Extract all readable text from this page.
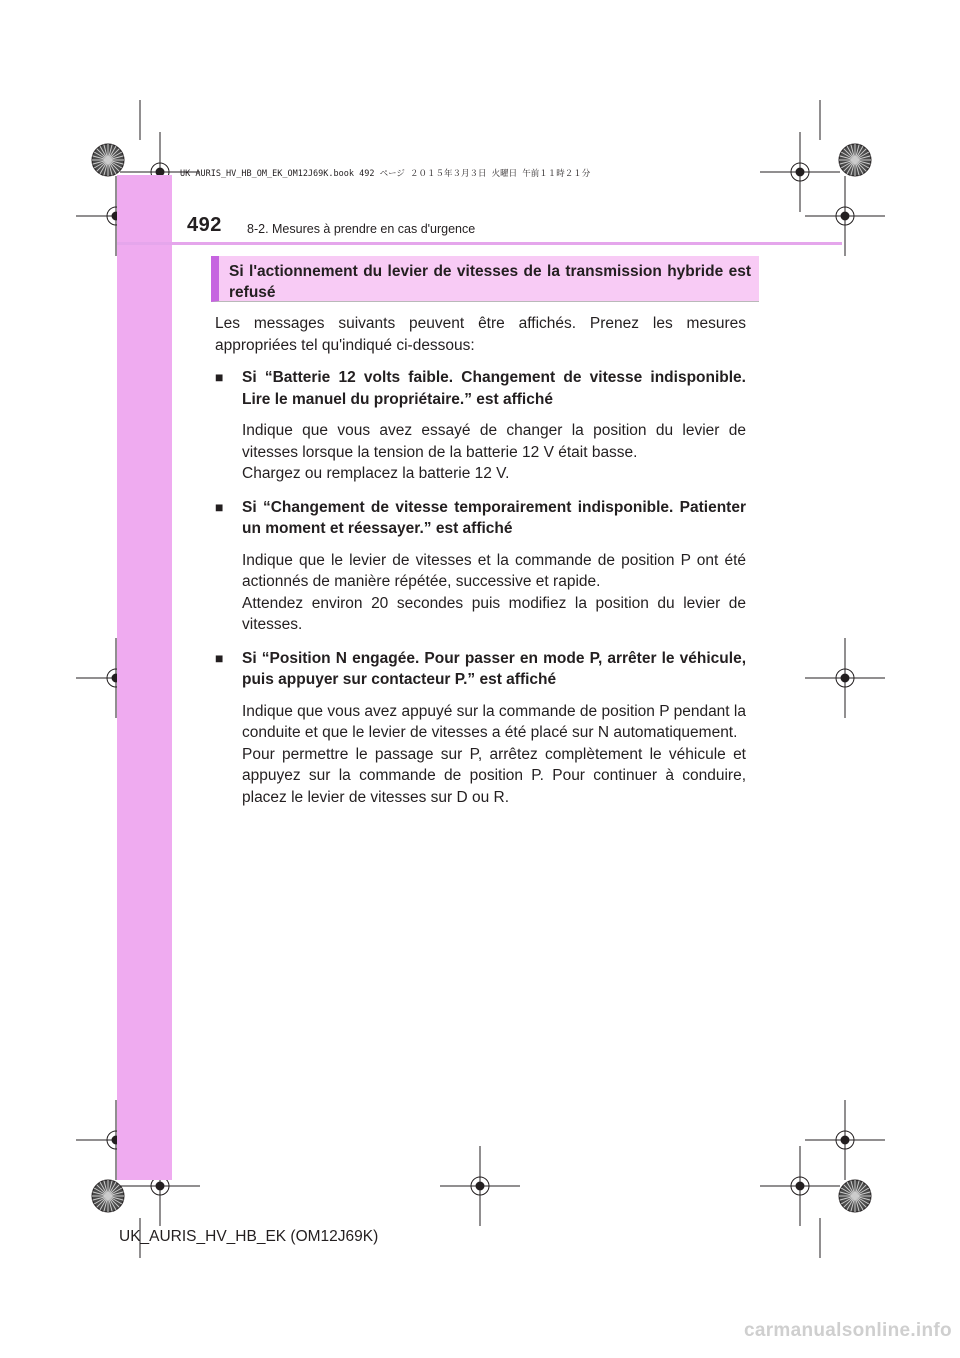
UK AURIS_HV_HB_OM_EK_OM12J69K.book 492 ページ ２０１５年３月３日 火曜日 午前１１時２１分
492 8-2. Mesures à prendre en cas d'urgence
Si l'actionnement du levier de vitesses de la transmission hybride est refusé

Les messages suivants peuvent être affichés. Prenez les mesures appropriées tel qu'indiqué ci-dessous:

■ Si “Batterie 12 volts faible. Changement de vitesse indisponible. Lire le manuel du propriétaire.” est affiché

Indique que vous avez essayé de changer la position du levier de vitesses lorsque la tension de la batterie 12 V était basse.

Chargez ou remplacez la batterie 12 V.

■ Si “Changement de vitesse temporairement indisponible. Patienter un moment et réessayer.” est affiché

Indique que le levier de vitesses et la commande de position P ont été actionnés de manière répétée, successive et rapide.

Attendez environ 20 secondes puis modifiez la position du levier de vitesses.

■ Si “Position N engagée. Pour passer en mode P, arrêter le véhicule, puis appuyer sur contacteur P.” est affiché

Indique que vous avez appuyé sur la commande de position P pendant la conduite et que le levier de vitesses a été placé sur N automatiquement.

Pour permettre le passage sur P, arrêtez complètement le véhicule et appuyez sur la commande de position P. Pour continuer à conduire, placez le levier de vitesses sur D ou R.

UK_AURIS_HV_HB_EK (OM12J69K)
carmanualsonline.info
